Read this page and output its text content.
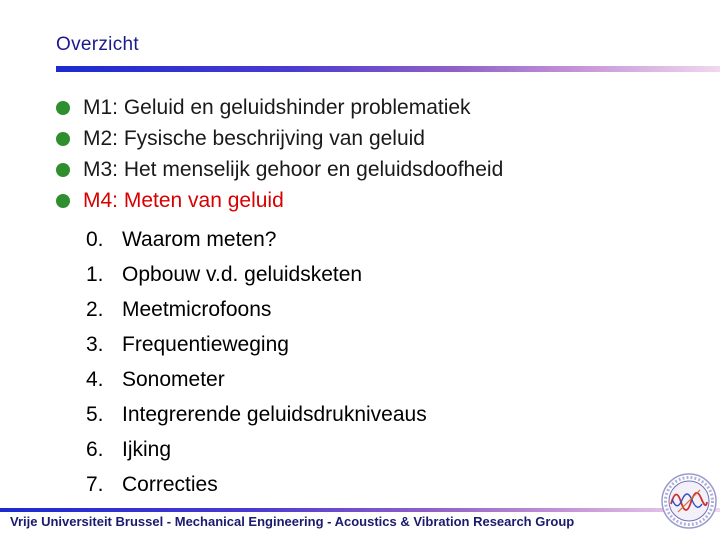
Overzicht
M1: Geluid en geluidshinder problematiek
M2: Fysische beschrijving van geluid
M3: Het menselijk gehoor en geluidsdoofheid
M4: Meten van geluid
0. Waarom meten?
1. Opbouw v.d. geluidsketen
2. Meetmicrofoons
3. Frequentieweging
4. Sonometer
5. Integrerende geluidsdrukniveaus
6. Ijking
7. Correcties
Vrije Universiteit Brussel - Mechanical Engineering - Acoustics & Vibration Research Group
